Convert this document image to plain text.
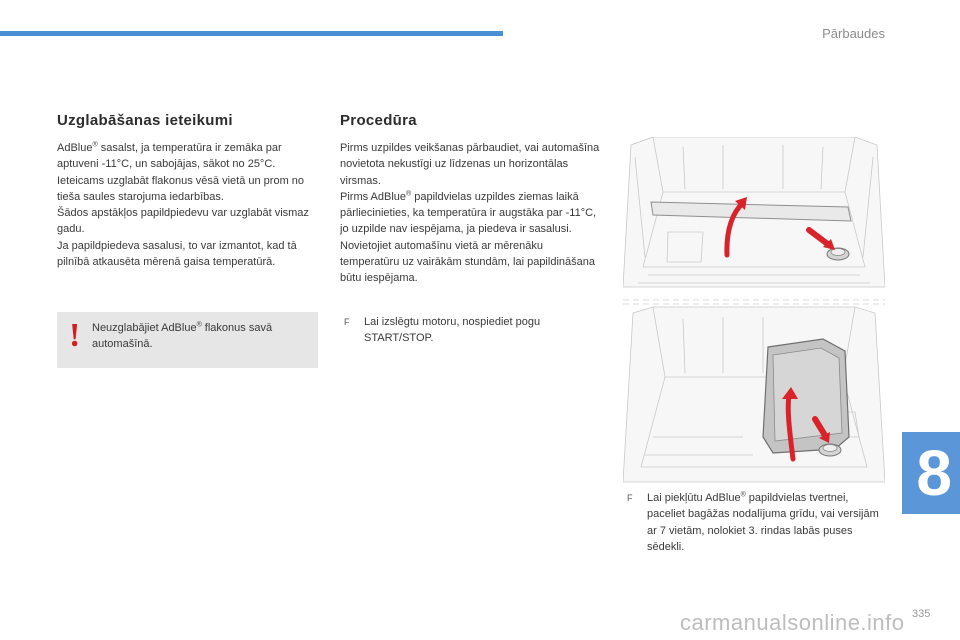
Pārbaudes
8
Uzglabāšanas ieteikumi

AdBlue® sasalst, ja temperatūra ir zemāka par aptuveni -11°C, un sabojājas, sākot no 25°C.

Ieteicams uzglabāt flakonus vēsā vietā un prom no tieša saules starojuma iedarbības.

Šādos apstākļos papildpiedevu var uzglabāt vismaz gadu.

Ja papildpiedeva sasalusi, to var izmantot, kad tā pilnībā atkausēta mērenā gaisa temperatūrā.

! Neuzglabājiet AdBlue® flakonus savā automašīnā.
Procedūra

Pirms uzpildes veikšanas pārbaudiet, vai automašīna novietota nekustīgi uz līdzenas un horizontālas virsmas.

Pirms AdBlue® papildvielas uzpildes ziemas laikā pārliecinieties, ka temperatūra ir augstāka par -11°C, jo uzpilde nav iespējama, ja piedeva ir sasalusi. Novietojiet automašīnu vietā ar mērenāku temperatūru uz vairākām stundām, lai papildināšana būtu iespējama.

F Lai izslēgtu motoru, nospiediet pogu START/STOP.
F Lai piekļūtu AdBlue® papildvielas tvertnei, paceliet bagāžas nodalījuma grīdu, vai versijām ar 7 vietām, nolokiet 3. rindas labās puses sēdekli.
carmanualsonline.info 335
